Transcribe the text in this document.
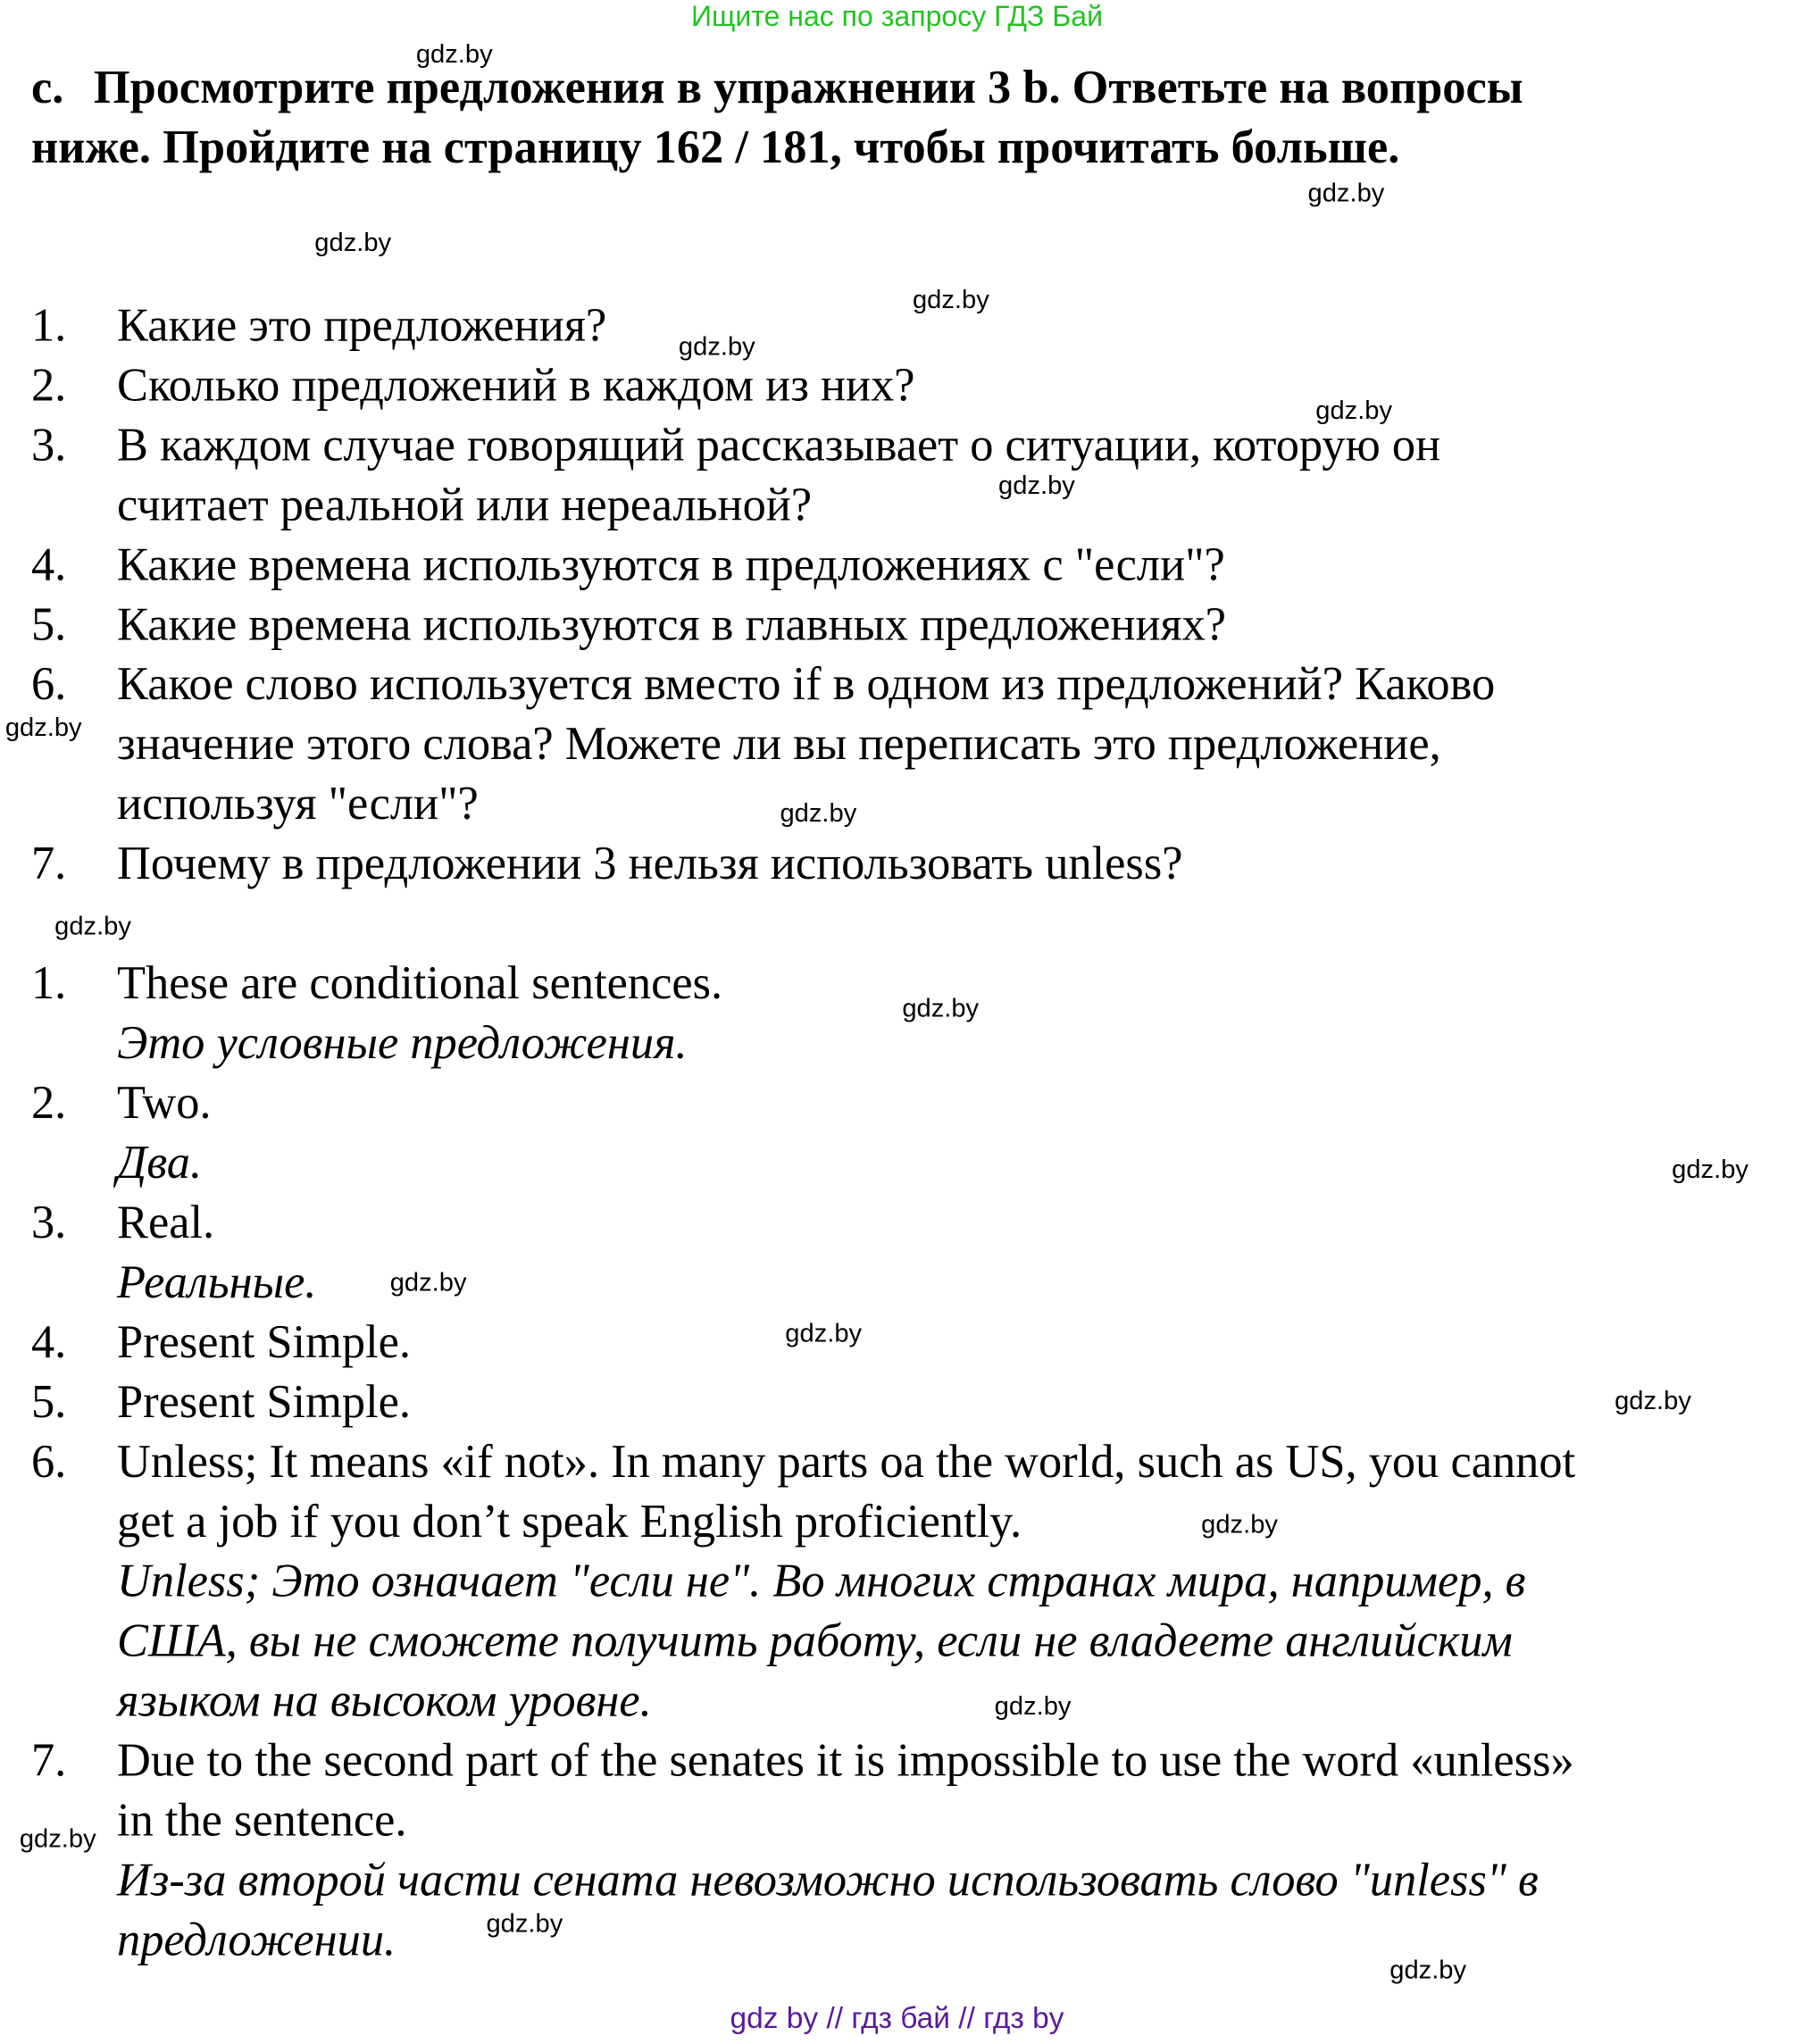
Ищите нас по запросу ГДЗ Бай
c. Просмотрите предложения в упражнении 3 b. Ответьте на вопросы
ниже. Пройдите на страницу 162 / 181, чтобы прочитать больше.
1. Какие это предложения?
2. Сколько предложений в каждом из них?
3. В каждом случае говорящий рассказывает о ситуации, которую он
считает реальной или нереальной?
4. Какие времена используются в предложениях с "если"?
5. Какие времена используются в главных предложениях?
6. Какое слово используется вместо if в одном из предложений? Каково
значение этого слова? Можете ли вы переписать это предложение,
используя "если"?
7. Почему в предложении 3 нельзя использовать unless?
1. These are conditional sentences.
Это условные предложения.
2. Two.
Два.
3. Real.
Реальные.
4. Present Simple.
5. Present Simple.
6. Unless; It means «if not». In many parts oa the world, such as US, you cannot
get a job if you don’t speak English proficiently.
Unless; Это означает "если не". Во многих странах мира, например, в
США, вы не сможете получить работу, если не владеете английским
языком на высоком уровне.
7. Due to the second part of the senates it is impossible to use the word «unless»
in the sentence.
Из-за второй части сената невозможно использовать слово "unless" в
предложении.
gdz.by
gdz.by
gdz.by
gdz.by
gdz.by
gdz.by
gdz.by
gdz.by
gdz.by
gdz.by
gdz.by
gdz.by
gdz.by
gdz.by
gdz.by
gdz.by
gdz.by
gdz.by
gdz.by
gdz.by
gdz by // гдз бай // гдз by
